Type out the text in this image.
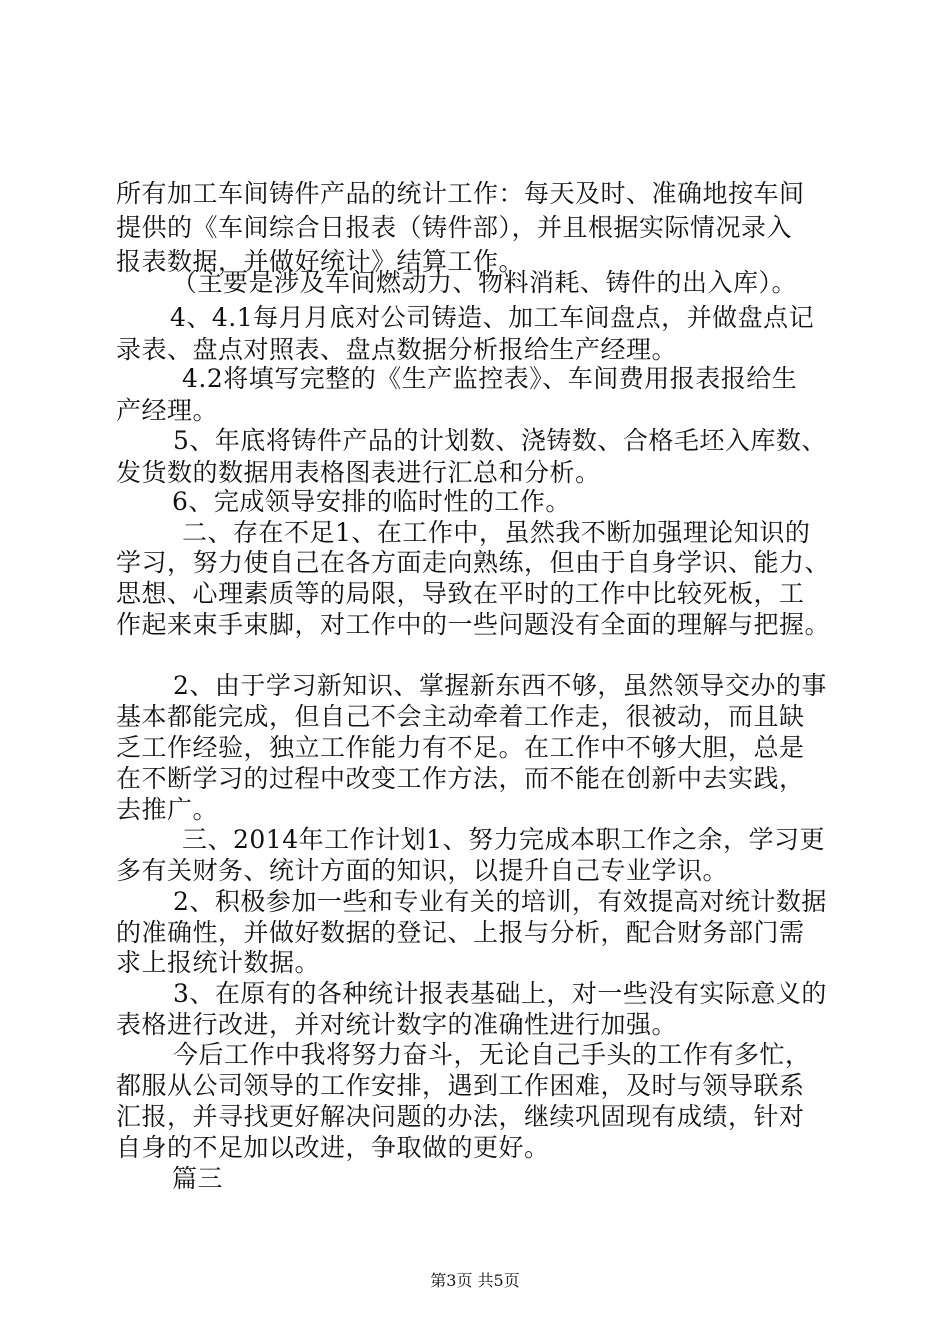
所有加工车间铸件产品的统计工作：每天及时、准确地按车间
提供的《车间综合日报表（铸件部），并且根据实际情况录入
报表数据，并做好统计》结算工作。
（主要是涉及车间燃动力、物料消耗、铸件的出入库）。
4、4.1每月月底对公司铸造、加工车间盘点，并做盘点记
录表、盘点对照表、盘点数据分析报给生产经理。
4.2将填写完整的《生产监控表》、车间费用报表报给生
产经理。
5、年底将铸件产品的计划数、浇铸数、合格毛坯入库数、
发货数的数据用表格图表进行汇总和分析。
6、完成领导安排的临时性的工作。
二、存在不足1、在工作中，虽然我不断加强理论知识的
学习，努力使自己在各方面走向熟练，但由于自身学识、能力、
思想、心理素质等的局限，导致在平时的工作中比较死板，工
作起来束手束脚，对工作中的一些问题没有全面的理解与把握。
2、由于学习新知识、掌握新东西不够，虽然领导交办的事
基本都能完成，但自己不会主动牵着工作走，很被动，而且缺
乏工作经验，独立工作能力有不足。在工作中不够大胆，总是
在不断学习的过程中改变工作方法，而不能在创新中去实践，
去推广。
三、2014年工作计划1、努力完成本职工作之余，学习更
多有关财务、统计方面的知识，以提升自己专业学识。
2、积极参加一些和专业有关的培训，有效提高对统计数据
的准确性，并做好数据的登记、上报与分析，配合财务部门需
求上报统计数据。
3、在原有的各种统计报表基础上，对一些没有实际意义的
表格进行改进，并对统计数字的准确性进行加强。
今后工作中我将努力奋斗，无论自己手头的工作有多忙，
都服从公司领导的工作安排，遇到工作困难，及时与领导联系
汇报，并寻找更好解决问题的办法，继续巩固现有成绩，针对
自身的不足加以改进，争取做的更好。
篇三
第3页 共5页
